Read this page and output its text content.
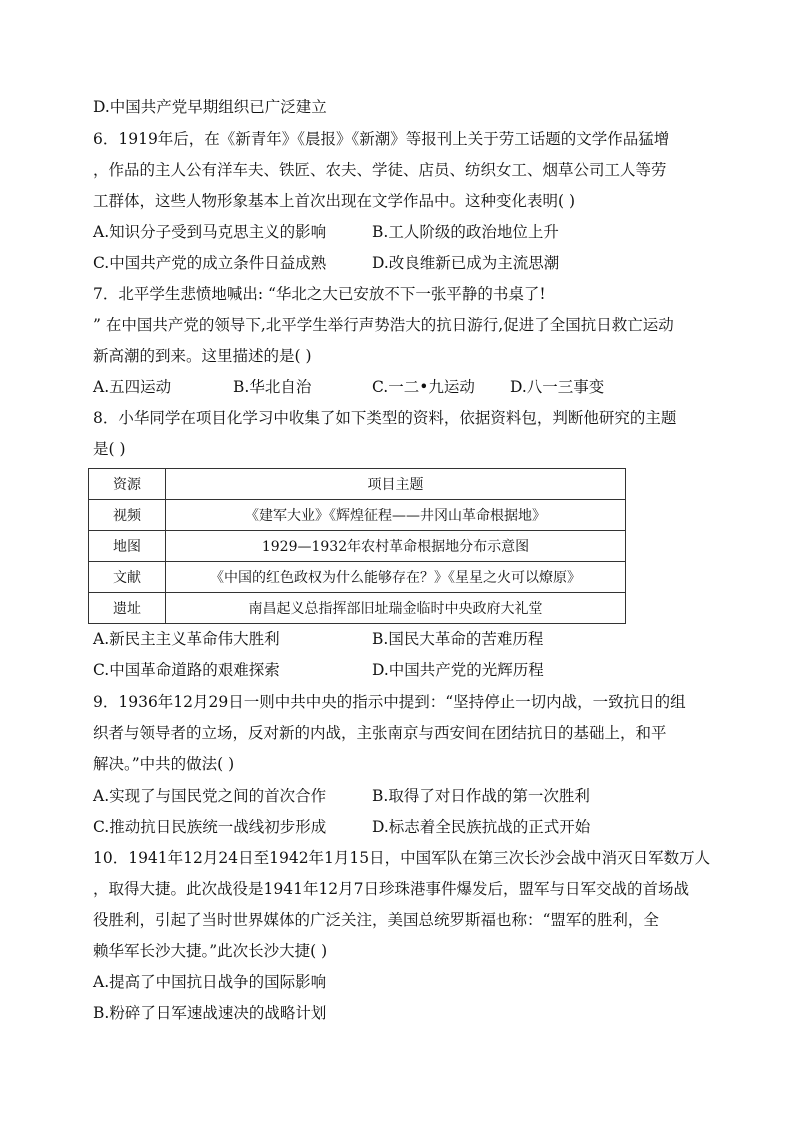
D.中国共产党早期组织已广泛建立
6．1919年后，在《新青年》《晨报》《新潮》等报刊上关于劳工话题的文学作品猛增
，作品的主人公有洋车夫、铁匠、农夫、学徒、店员、纺织女工、烟草公司工人等劳
工群体，这些人物形象基本上首次出现在文学作品中。这种变化表明( )
A.知识分子受到马克思主义的影响	B.工人阶级的政治地位上升
C.中国共产党的成立条件日益成熟	D.改良维新已成为主流思潮
7．北平学生悲愤地喊出: “华北之大已安放不下一张平静的书桌了!
” 在中国共产党的领导下,北平学生举行声势浩大的抗日游行,促进了全国抗日救亡运动
新高潮的到来。这里描述的是( )
A.五四运动	B.华北自治	C.一二•九运动 D.八一三事变
8．小华同学在项目化学习中收集了如下类型的资料，依据资料包，判断他研究的主题
是( )
资源	项目主题
视频	《建军大业》《辉煌征程——井冈山革命根据地》
地图	1929—1932年农村革命根据地分布示意图
文献	《中国的红色政权为什么能够存在？》《星星之火可以燎原》
遗址	南昌起义总指挥部旧址瑞金临时中央政府大礼堂
A.新民主主义革命伟大胜利	B.国民大革命的苦难历程
C.中国革命道路的艰难探索	D.中国共产党的光辉历程
9．1936年12月29日一则中共中央的指示中提到：“坚持停止一切内战，一致抗日的组
织者与领导者的立场，反对新的内战，主张南京与西安间在团结抗日的基础上，和平
解决。”中共的做法( )
A.实现了与国民党之间的首次合作	B.取得了对日作战的第一次胜利
C.推动抗日民族统一战线初步形成	D.标志着全民族抗战的正式开始
10．1941年12月24日至1942年1月15日，中国军队在第三次长沙会战中消灭日军数万人
，取得大捷。此次战役是1941年12月7日珍珠港事件爆发后，盟军与日军交战的首场战
役胜利，引起了当时世界媒体的广泛关注，美国总统罗斯福也称：“盟军的胜利，全
赖华军长沙大捷。”此次长沙大捷( )
A.提高了中国抗日战争的国际影响
B.粉碎了日军速战速决的战略计划
